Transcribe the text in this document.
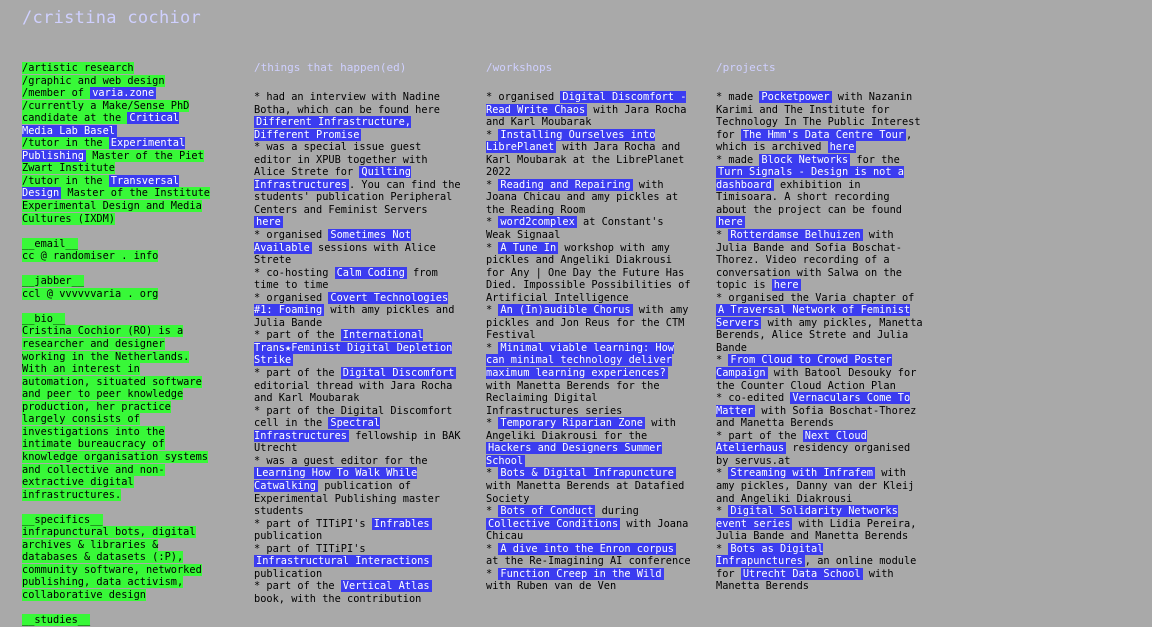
/cristina cochior
/artistic research
/graphic and web design
/member of varia.zone
/currently a Make/Sense PhD candidate at the Critical Media Lab Basel
/tutor in the Experimental Publishing Master of the Piet Zwart Institute
/tutor in the Transversal Design Master of the Institute Experimental Design and Media Cultures (IXDM)
__email__
cc @ randomiser . info
__jabber__
ccl @ vvvvvvaria . org
__bio__
Cristina Cochior (RO) is a researcher and designer working in the Netherlands. With an interest in automation, situated software and peer to peer knowledge production, her practice largely consists of investigations into the intimate bureaucracy of knowledge organisation systems and collective and non-extractive digital infrastructures.
__specifics__
infrapunctural bots, digital archives & libraries & databases & datasets (:P), community software, networked publishing, data activism, collaborative design
__studies__
/things that happen(ed)
* had an interview with Nadine Botha, which can be found here Different Infrastructure, Different Promise
* was a special issue guest editor in XPUB together with Alice Strete for Quilting Infrastructures . You can find the students' publication Peripheral Centers and Feminist Servers here
* organised Sometimes Not Available sessions with Alice Strete
* co-hosting Calm Coding from time to time
* organised Covert Technologies #1: Foaming with amy pickles and Julia Bande
* part of the International Trans★Feminist Digital Depletion Strike
* part of the Digital Discomfort editorial thread with Jara Rocha and Karl Moubarak
* part of the Digital Discomfort cell in the Spectral Infrastructures fellowship in BAK Utrecht
* was a guest editor for the Learning How To Walk While Catwalking publication of Experimental Publishing master students
* part of TITiPI's Infrables publication
* part of TITiPI's Infrastructural Interactions publication
* part of the Vertical Atlas book, with the contribution
/workshops
* organised Digital Discomfort - Read Write Chaos with Jara Rocha and Karl Moubarak
* Installing Ourselves into LibrePlanet with Jara Rocha and Karl Moubarak at the LibrePlanet 2022
* Reading and Repairing with Joana Chicau and amy pickles at the Reading Room
* word2complex at Constant's Weak Signaal
* A Tune In workshop with amy pickles and Angeliki Diakrousi for Any | One Day the Future Has Died. Impossible Possibilities of Artificial Intelligence
* An (In)audible Chorus with amy pickles and Jon Reus for the CTM Festival
* Minimal viable learning: How can minimal technology deliver maximum learning experiences? with Manetta Berends for the Reclaiming Digital Infrastructures series
* Temporary Riparian Zone with Angeliki Diakrousi for the Hackers and Designers Summer School
* Bots & Digital Infrapuncture with Manetta Berends at Datafied Society
* Bots of Conduct during Collective Conditions with Joana Chicau
* A dive into the Enron corpus at the Re-Imagining AI conference
* Function Creep in the Wild with Ruben van de Ven
/projects
* made Pocketpower with Nazanin Karimi and The Institute for Technology In The Public Interest for The Hmm's Data Centre Tour , which is archived here
* made Block Networks for the Turn Signals - Design is not a dashboard exhibition in Timisoara. A short recording about the project can be found here
* Rotterdamse Belhuizen with Julia Bande and Sofia Boschat-Thorez. Video recording of a conversation with Salwa on the topic is here
* organised the Varia chapter of A Traversal Network of Feminist Servers with amy pickles, Manetta Berends, Alice Strete and Julia Bande
* From Cloud to Crowd Poster Campaign with Batool Desouky for the Counter Cloud Action Plan
* co-edited Vernaculars Come To Matter with Sofia Boschat-Thorez and Manetta Berends
* part of the Next Cloud Atelierhaus residency organised by servus.at
* Streaming with Infrafem with amy pickles, Danny van der Kleij and Angeliki Diakrousi
* Digital Solidarity Networks event series with Lidia Pereira, Julia Bande and Manetta Berends
* Bots as Digital Infrapunctures , an online module for Utrecht Data School with Manetta Berends
